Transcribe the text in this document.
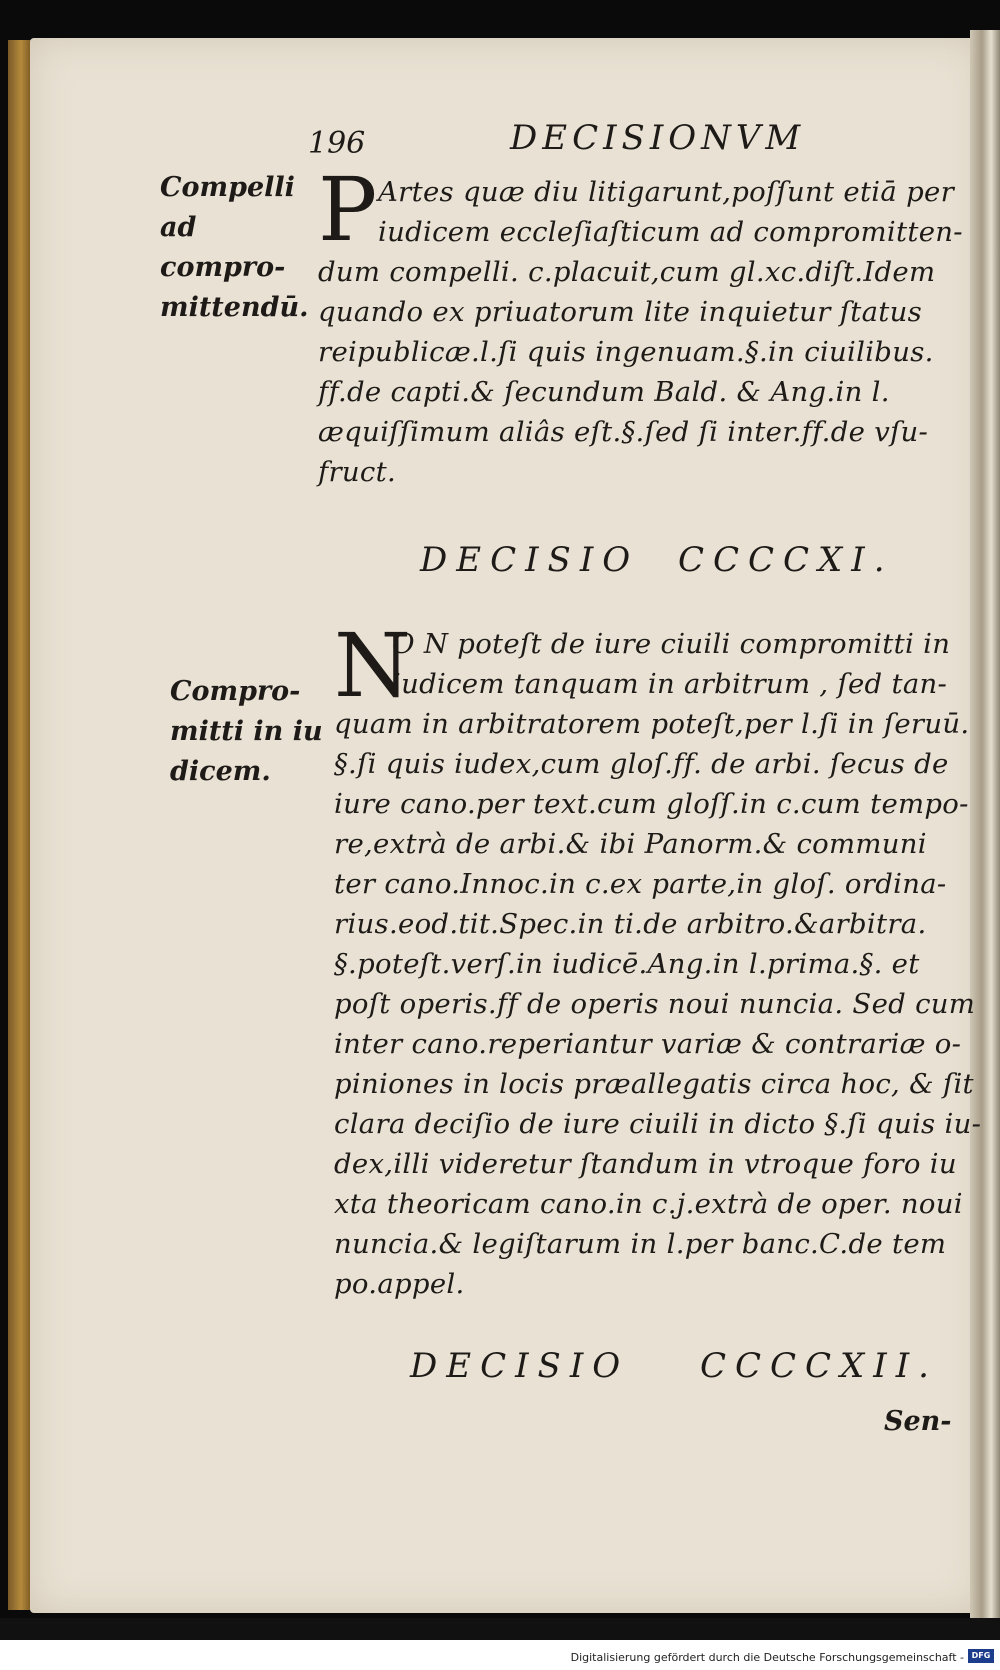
196	DECISIONVM
Compelli
ad compro-
mittendū.
P Artes quæ diu litigarunt,poſſunt etiā per
iudicem eccleſiaſticum ad compromitten-
dum compelli. c.placuit,cum gl.xc.diſt.Idem
quando ex priuatorum lite inquietur ſtatus
reipublicæ.l.ſi quis ingenuam.§.in ciuilibus.
ff.de capti.& ſecundum Bald. & Ang.in l.
æquiſſimum aliâs eſt.§.ſed ſi inter.ff.de vſu-
fruct.
DECISIO CCCCXI.
Compro-
mitti in iu
dicem.
N
O N poteſt de iure ciuili compromitti in
iudicem tanquam in arbitrum , ſed tan-
quam in arbitratorem poteſt,per l.ſi in ſeruū.
§.ſi quis iudex,cum gloſ.ff. de arbi. ſecus de
iure cano.per text.cum gloſſ.in c.cum tempo-
re,extrà de arbi.& ibi Panorm.& communi
ter cano.Innoc.in c.ex parte,in gloſ. ordina-
rius.eod.tit.Spec.in ti.de arbitro.&arbitra.
§.poteſt.verſ.in iudicē.Ang.in l.prima.§. et
poſt operis.ff de operis noui nuncia. Sed cum
inter cano.reperiantur variæ & contrariæ o-
piniones in locis præallegatis circa hoc, & ſit
clara deciſio de iure ciuili in dicto §.ſi quis iu-
dex,illi videretur ſtandum in vtroque foro iu
xta theoricam cano.in c.j.extrà de oper. noui
nuncia.& legiſtarum in l.per banc.C.de tem
po.appel.
DECISIO CCCCXII.
Sen-
Digitalisierung gefördert durch die Deutsche Forschungsgemeinschaft - DFG
